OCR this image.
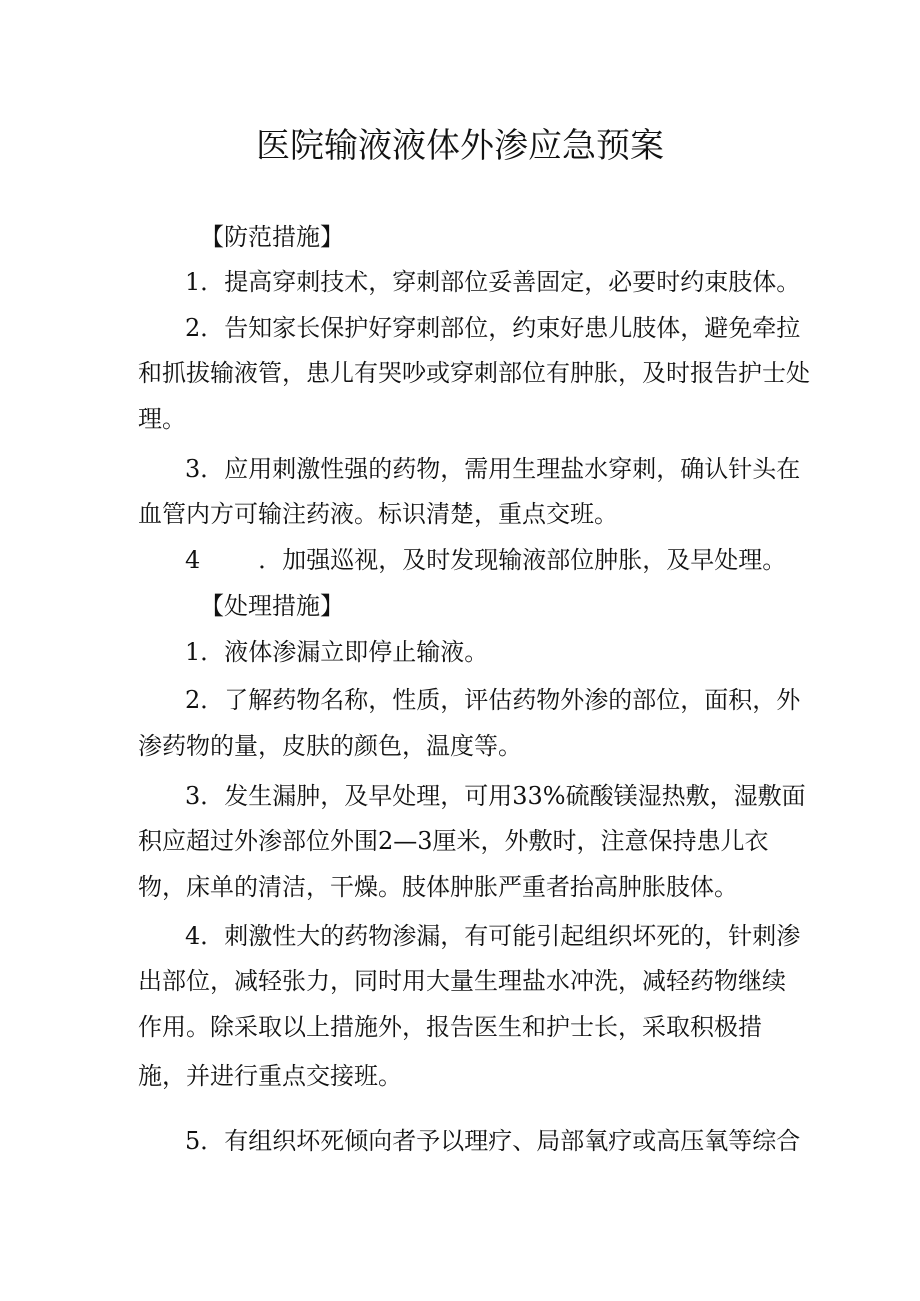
医院输液液体外渗应急预案
【防范措施】
1．提高穿刺技术，穿刺部位妥善固定，必要时约束肢体。
2．告知家长保护好穿刺部位，约束好患儿肢体，避免牵拉
和抓拔输液管，患儿有哭吵或穿刺部位有肿胀，及时报告护士处
理。
3．应用刺激性强的药物，需用生理盐水穿刺，确认针头在
血管内方可输注药液。标识清楚，重点交班。
4 ．加强巡视，及时发现输液部位肿胀，及早处理。
【处理措施】
1．液体渗漏立即停止输液。
2．了解药物名称，性质，评估药物外渗的部位，面积，外
渗药物的量，皮肤的颜色，温度等。
3．发生漏肿，及早处理，可用33%硫酸镁湿热敷，湿敷面
积应超过外渗部位外围2—3厘米，外敷时，注意保持患儿衣
物，床单的清洁，干燥。肢体肿胀严重者抬高肿胀肢体。
4．刺激性大的药物渗漏，有可能引起组织坏死的，针刺渗
出部位，减轻张力，同时用大量生理盐水冲洗，减轻药物继续
作用。除采取以上措施外，报告医生和护士长，采取积极措
施，并进行重点交接班。
5．有组织坏死倾向者予以理疗、局部氧疗或高压氧等综合
